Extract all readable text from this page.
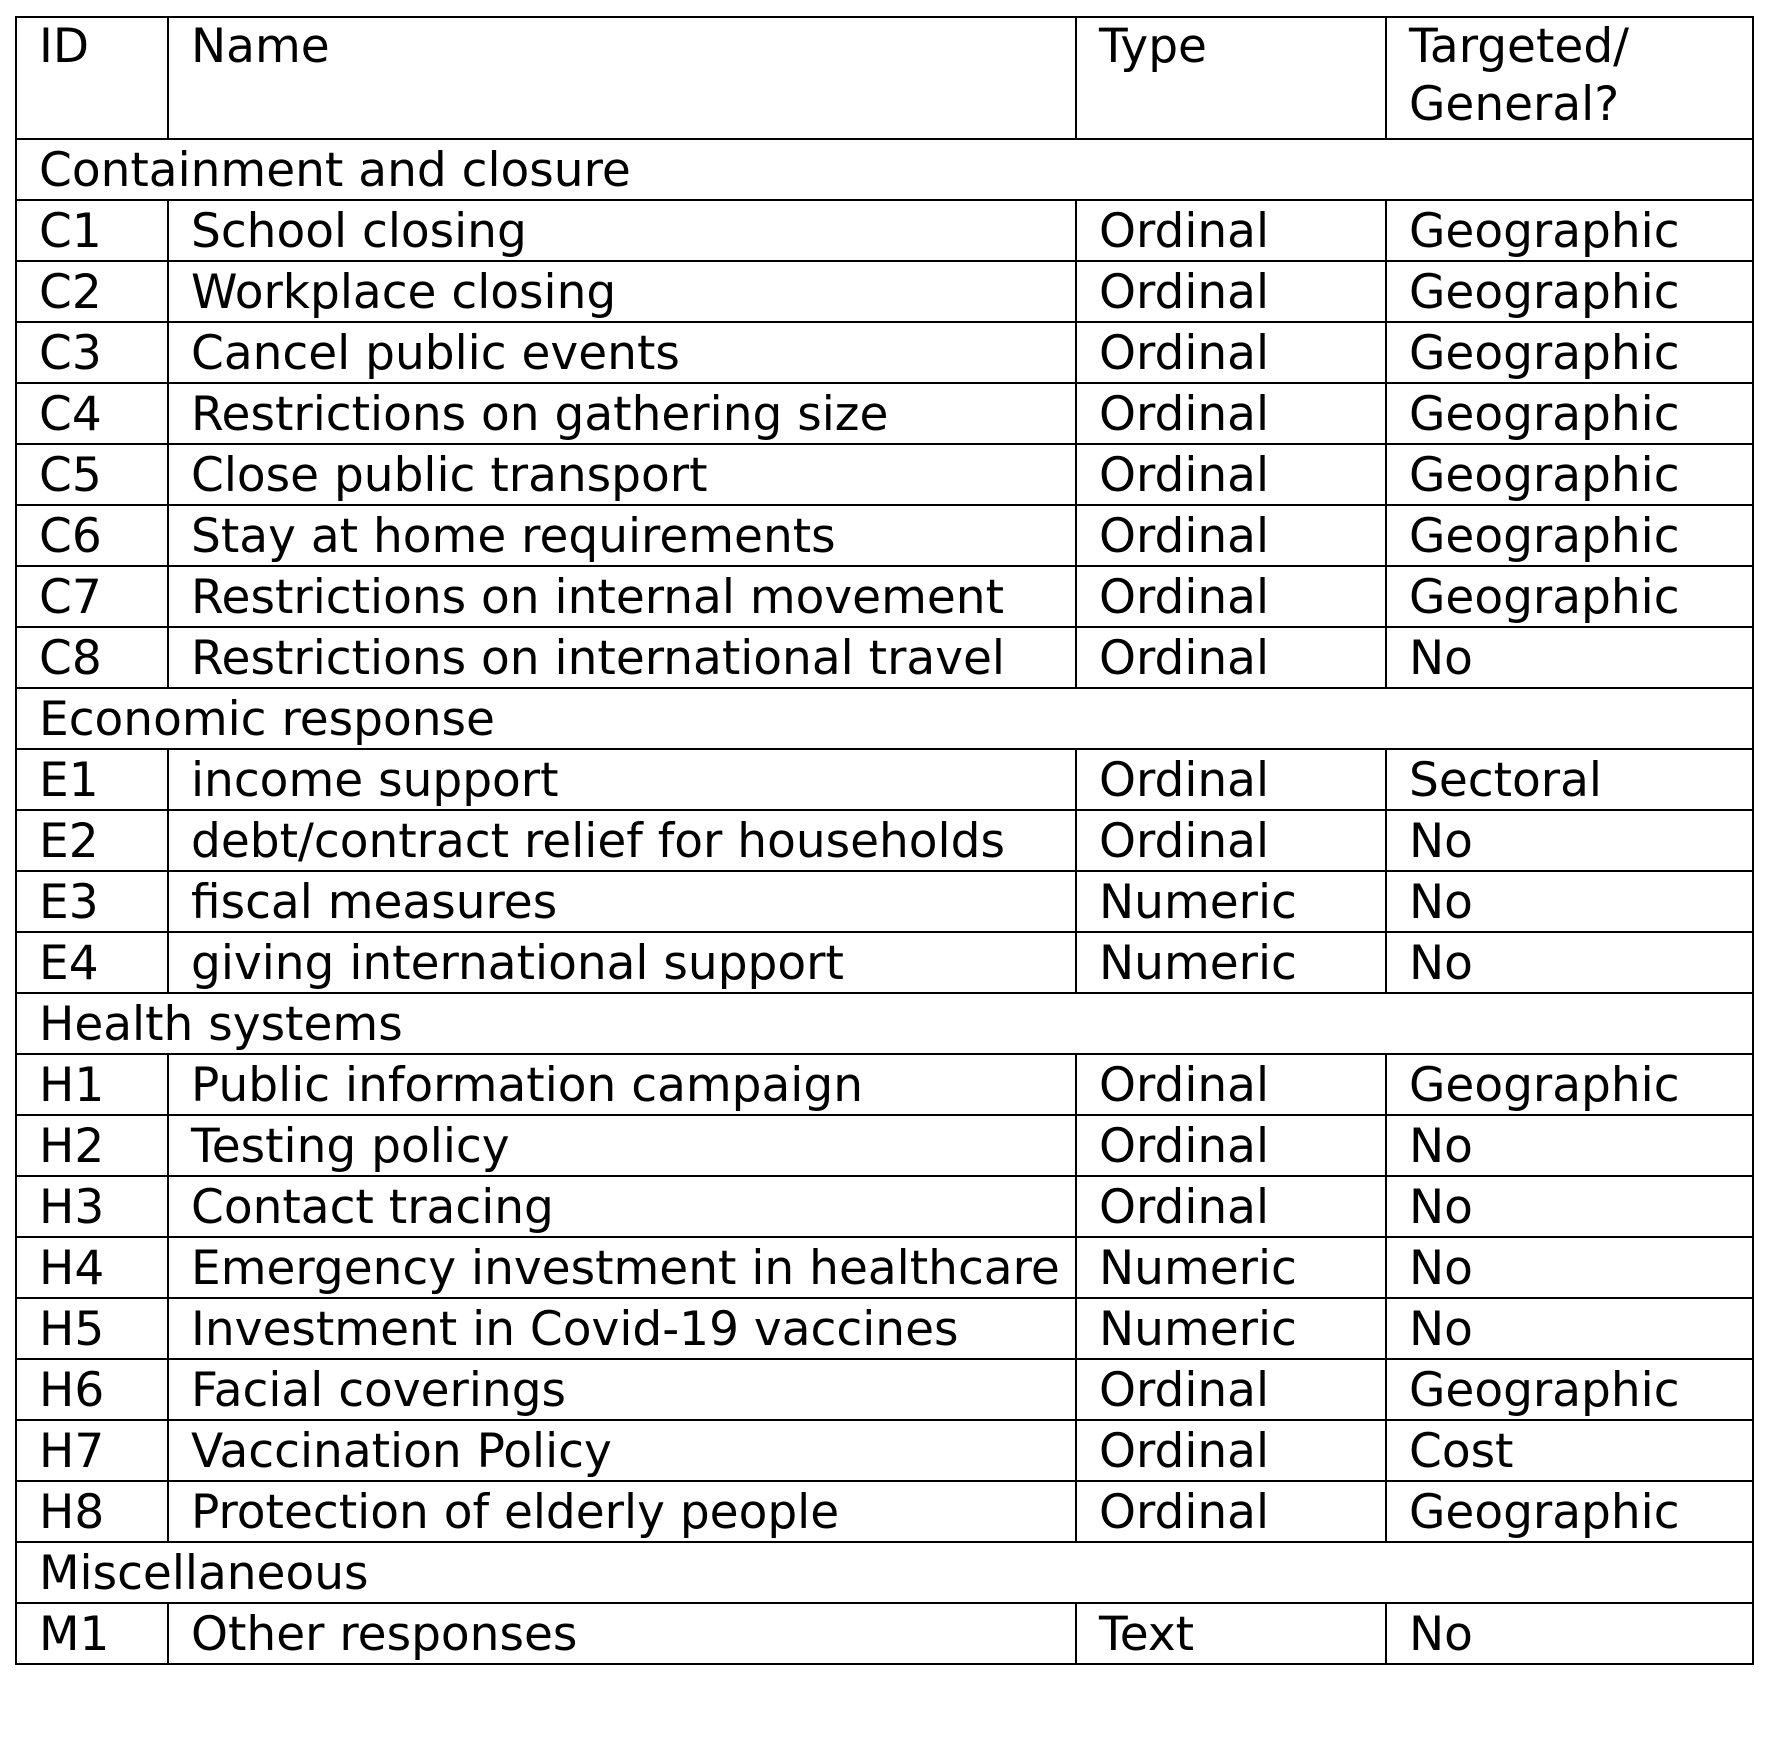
ID	Name	Type	Targeted/ General?
Containment and closure			
C1	School closing	Ordinal	Geographic
C2	Workplace closing	Ordinal	Geographic
C3	Cancel public events	Ordinal	Geographic
C4	Restrictions on gathering size	Ordinal	Geographic
C5	Close public transport	Ordinal	Geographic
C6	Stay at home requirements	Ordinal	Geographic
C7	Restrictions on internal movement	Ordinal	Geographic
C8	Restrictions on international travel	Ordinal	No
Economic response			
E1	income support	Ordinal	Sectoral
E2	debt/contract relief for households	Ordinal	No
E3	fiscal measures	Numeric	No
E4	giving international support	Numeric	No
Health systems			
H1	Public information campaign	Ordinal	Geographic
H2	Testing policy	Ordinal	No
H3	Contact tracing	Ordinal	No
H4	Emergency investment in healthcare	Numeric	No
H5	Investment in Covid-19 vaccines	Numeric	No
H6	Facial coverings	Ordinal	Geographic
H7	Vaccination Policy	Ordinal	Cost
H8	Protection of elderly people	Ordinal	Geographic
Miscellaneous			
M1	Other responses	Text	No
